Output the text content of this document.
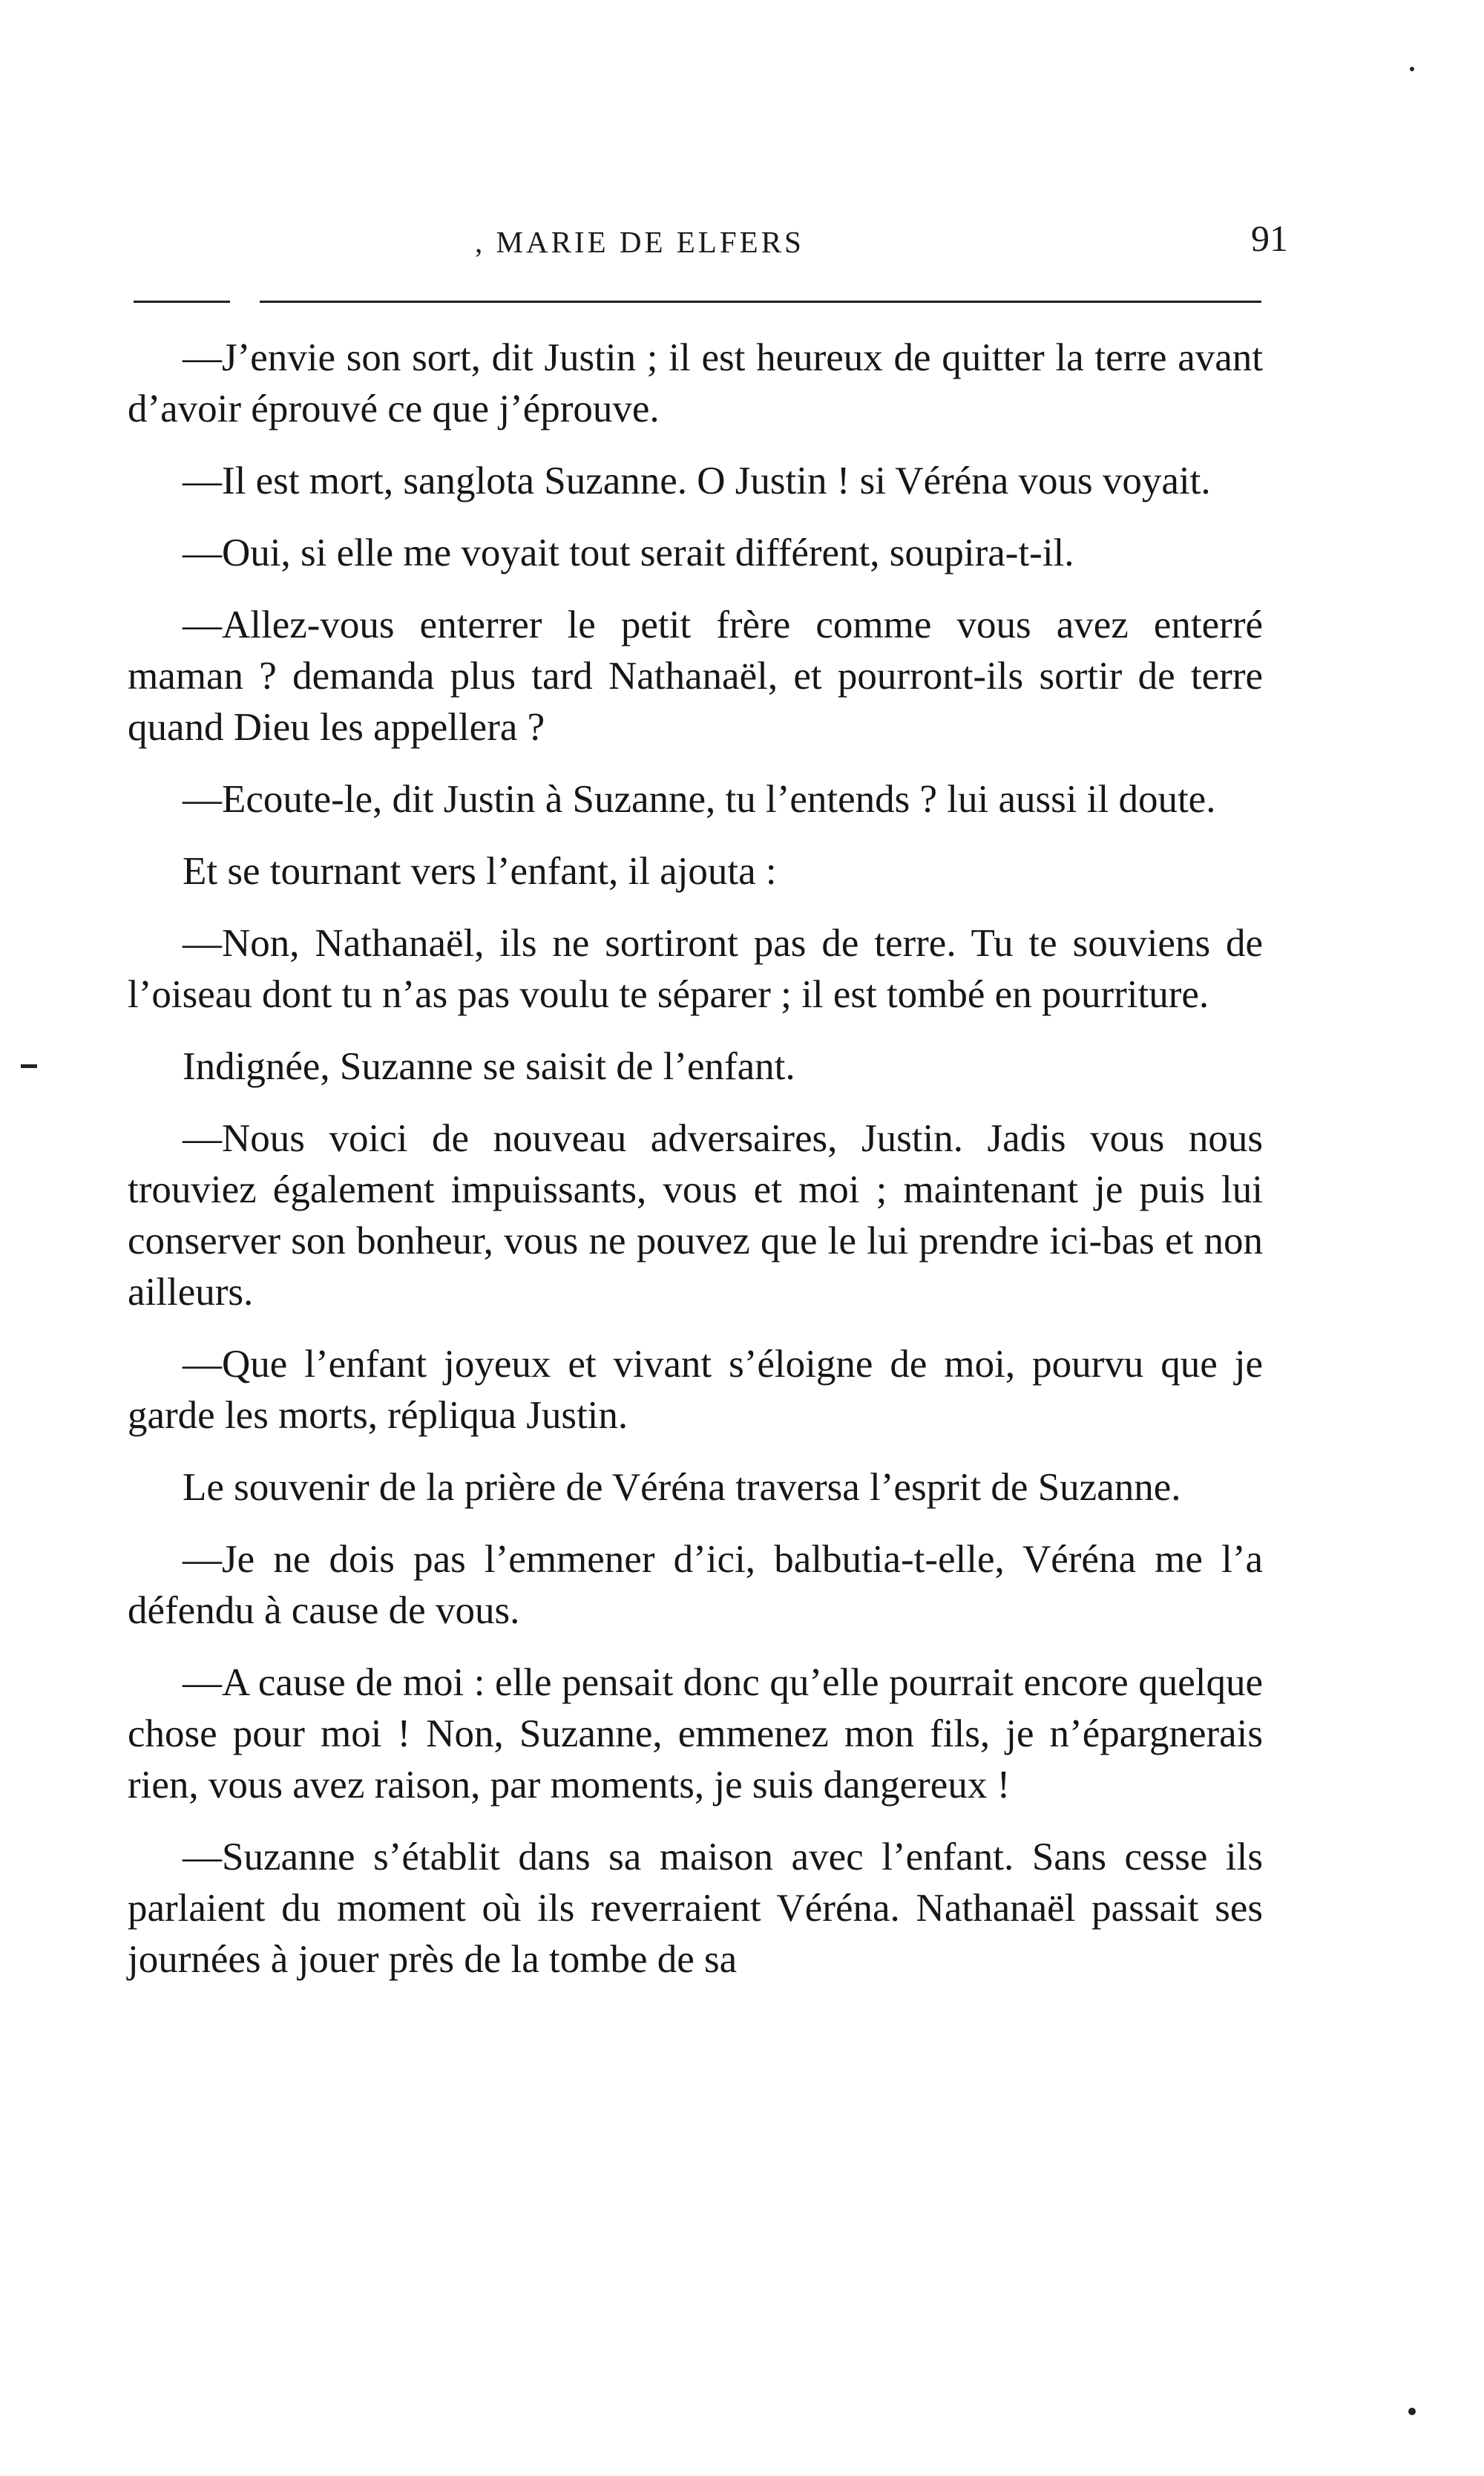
, MARIE DE ELFERS	91

—J’envie son sort, dit Justin ; il est heureux de quitter la terre avant d’avoir éprouvé ce que j’éprouve.

—Il est mort, sanglota Suzanne. O Justin ! si Véréna vous voyait.

—Oui, si elle me voyait tout serait différent, soupira-t-il.

—Allez-vous enterrer le petit frère comme vous avez enterré maman ? demanda plus tard Nathanaël, et pourront-ils sortir de terre quand Dieu les appellera ?

—Ecoute-le, dit Justin à Suzanne, tu l’entends ? lui aussi il doute.

Et se tournant vers l’enfant, il ajouta :

—Non, Nathanaël, ils ne sortiront pas de terre. Tu te souviens de l’oiseau dont tu n’as pas voulu te séparer ; il est tombé en pourriture.

Indignée, Suzanne se saisit de l’enfant.

—Nous voici de nouveau adversaires, Justin. Jadis vous nous trouviez également impuissants, vous et moi ; maintenant je puis lui conserver son bonheur, vous ne pouvez que le lui prendre ici-bas et non ailleurs.

—Que l’enfant joyeux et vivant s’éloigne de moi, pourvu que je garde les morts, répliqua Justin.

Le souvenir de la prière de Véréna traversa l’esprit de Suzanne.

—Je ne dois pas l’emmener d’ici, balbutia-t-elle, Véréna me l’a défendu à cause de vous.

—A cause de moi : elle pensait donc qu’elle pourrait encore quelque chose pour moi ! Non, Suzanne, emmenez mon fils, je n’épargnerais rien, vous avez raison, par moments, je suis dangereux !

—Suzanne s’établit dans sa maison avec l’enfant. Sans cesse ils parlaient du moment où ils reverraient Véréna. Nathanaël passait ses journées à jouer près de la tombe de sa
